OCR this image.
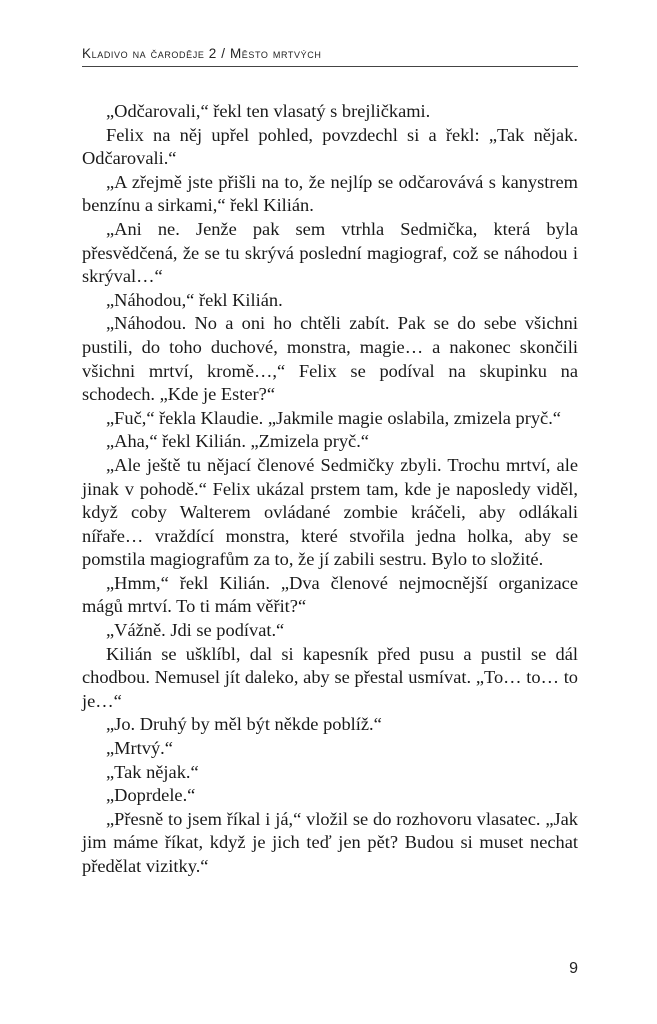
Kladivo na čaroděje 2 / Město mrtvých

„Odčarovali,“ řekl ten vlasatý s brejličkami.

Felix na něj upřel pohled, povzdechl si a řekl: „Tak nějak. Odčarovali.“

„A zřejmě jste přišli na to, že nejlíp se odčarovává s kanystrem benzínu a sirkami,“ řekl Kilián.

„Ani ne. Jenže pak sem vtrhla Sedmička, která byla přesvědčená, že se tu skrývá poslední magiograf, což se náhodou i skrýval…“

„Náhodou,“ řekl Kilián.

„Náhodou. No a oni ho chtěli zabít. Pak se do sebe všichni pustili, do toho duchové, monstra, magie… a nakonec skončili všichni mrtví, kromě…,“ Felix se podíval na skupinku na schodech. „Kde je Ester?“

„Fuč,“ řekla Klaudie. „Jakmile magie oslabila, zmizela pryč.“

„Aha,“ řekl Kilián. „Zmizela pryč.“

„Ale ještě tu nějací členové Sedmičky zbyli. Trochu mrtví, ale jinak v pohodě.“ Felix ukázal prstem tam, kde je naposledy viděl, když coby Walterem ovládané zombie kráčeli, aby odlákali nířaře… vraždící monstra, které stvořila jedna holka, aby se pomstila magiografům za to, že jí zabili sestru. Bylo to složité.

„Hmm,“ řekl Kilián. „Dva členové nejmocnější organizace mágů mrtví. To ti mám věřit?“

„Vážně. Jdi se podívat.“

Kilián se ušklíbl, dal si kapesník před pusu a pustil se dál chodbou. Nemusel jít daleko, aby se přestal usmívat. „To… to… to je…“

„Jo. Druhý by měl být někde poblíž.“

„Mrtvý.“

„Tak nějak.“

„Doprdele.“

„Přesně to jsem říkal i já,“ vložil se do rozhovoru vlasatec. „Jak jim máme říkat, když je jich teď jen pět? Budou si muset nechat předělat vizitky.“

9
